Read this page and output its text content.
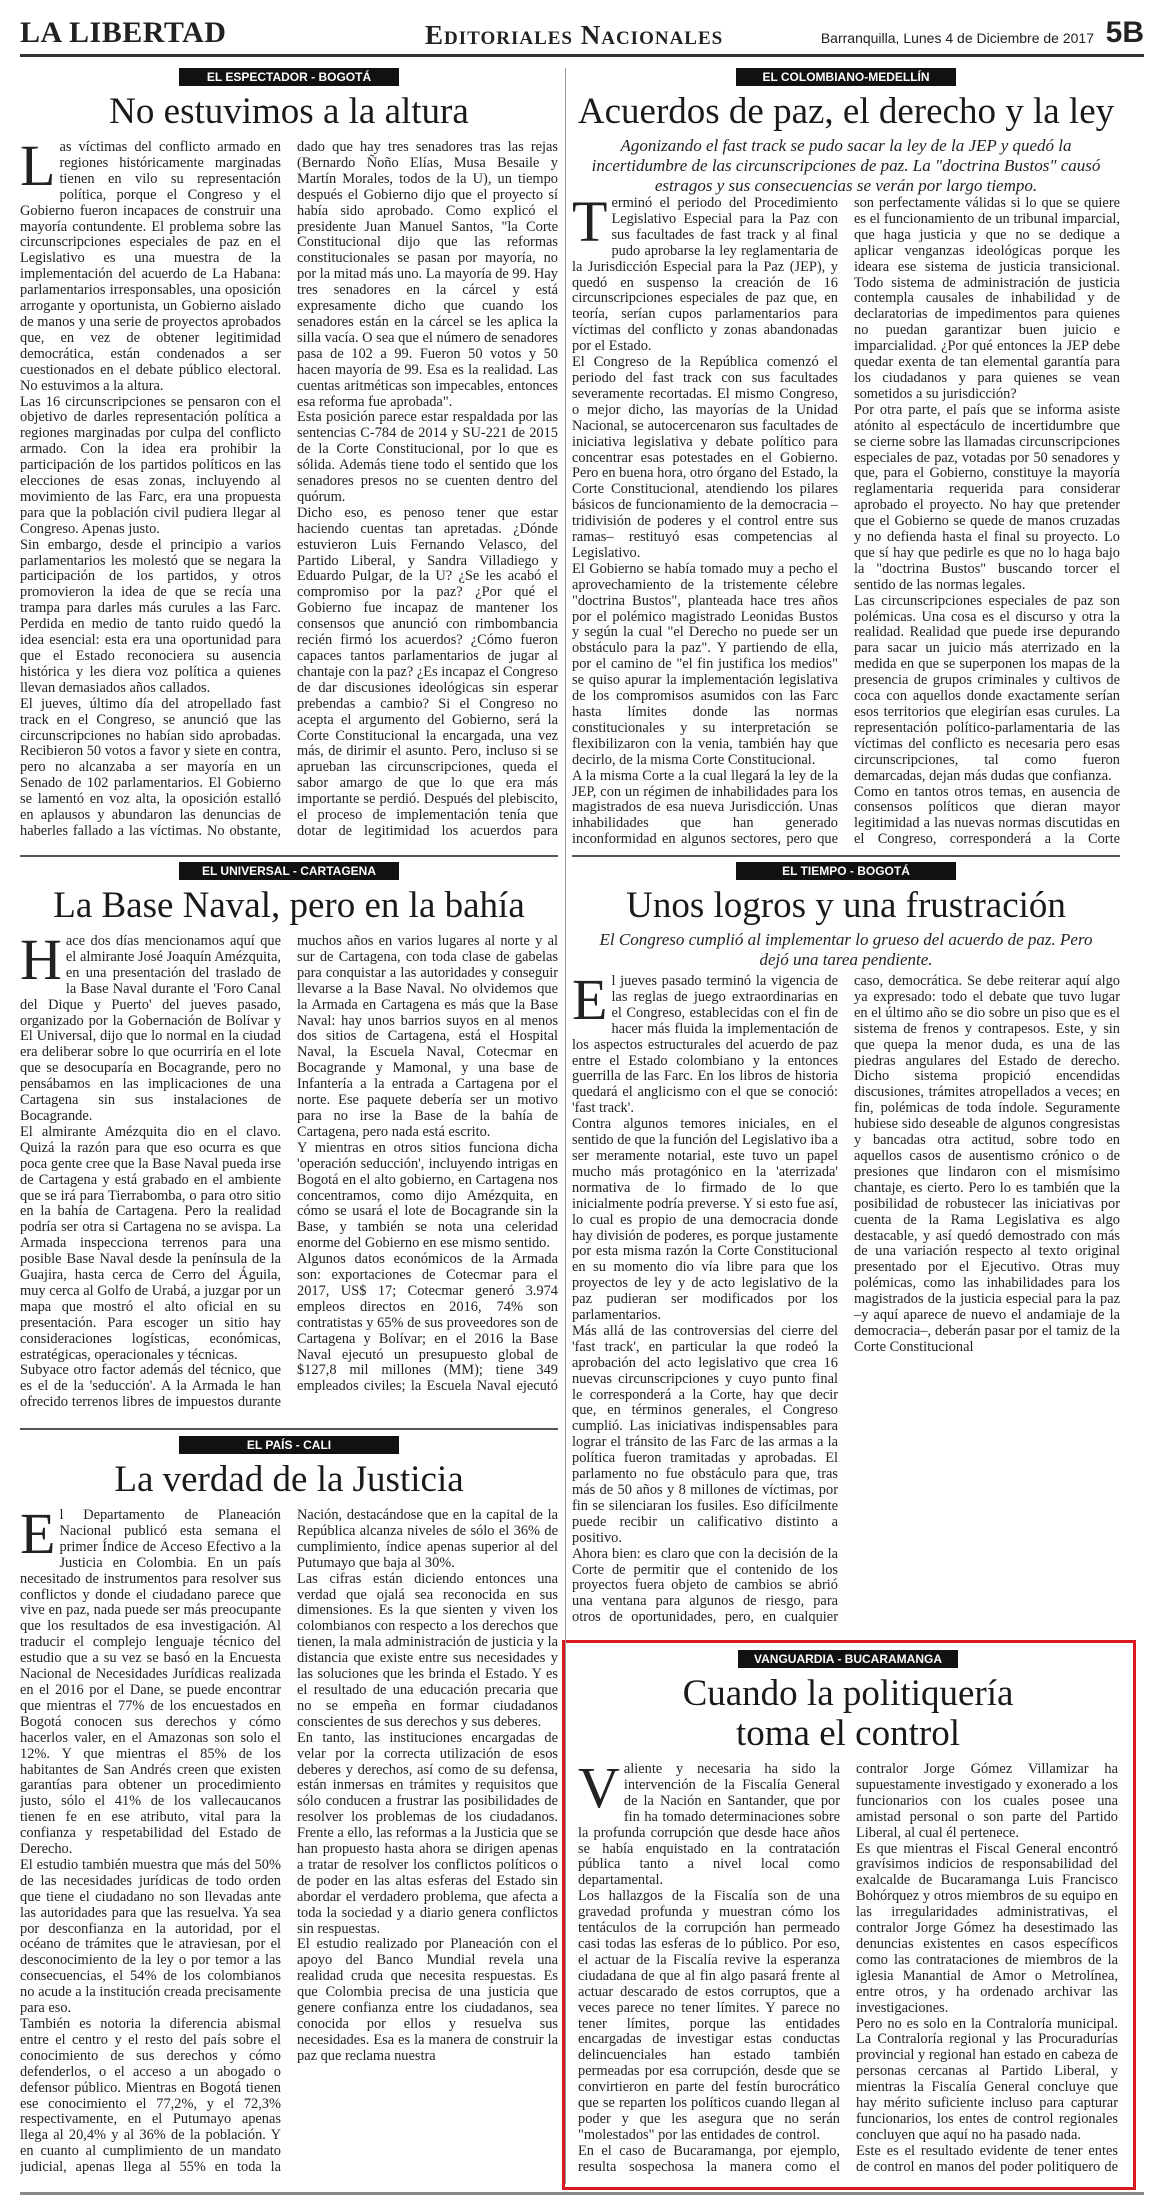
LA LIBERTAD	Editoriales Nacionales	Barranquilla, Lunes 4 de Diciembre de 2017 5B
EL ESPECTADOR - BOGOTÁ
No estuvimos a la altura

Las víctimas del conflicto armado en regiones históricamente marginadas tienen en vilo su representación política, porque el Congreso y el Gobierno fueron incapaces de construir una mayoría contundente. El problema sobre las circunscripciones especiales de paz en el Legislativo es una muestra de la implementación del acuerdo de La Habana: parlamentarios irresponsables, una oposición arrogante y oportunista, un Gobierno aislado de manos y una serie de proyectos aprobados que, en vez de obtener legitimidad democrática, están condenados a ser cuestionados en el debate público electoral. No estuvimos a la altura.

Las 16 circunscripciones se pensaron con el objetivo de darles representación política a regiones marginadas por culpa del conflicto armado. Con la idea era prohibir la participación de los partidos políticos en las elecciones de esas zonas, incluyendo al movimiento de las Farc, era una propuesta para que la población civil pudiera llegar al Congreso. Apenas justo.

Sin embargo, desde el principio a varios parlamentarios les molestó que se negara la participación de los partidos, y otros promovieron la idea de que se recía una trampa para darles más curules a las Farc. Perdida en medio de tanto ruido quedó la idea esencial: esta era una oportunidad para que el Estado reconociera su ausencia histórica y les diera voz política a quienes llevan demasiados años callados.

El jueves, último día del atropellado fast track en el Congreso, se anunció que las circunscripciones no habían sido aprobadas. Recibieron 50 votos a favor y siete en contra, pero no alcanzaba a ser mayoría en un Senado de 102 parlamentarios. El Gobierno se lamentó en voz alta, la oposición estalló en aplausos y abundaron las denuncias de haberles fallado a las víctimas. No obstante, dado que hay tres senadores tras las rejas (Bernardo Ñoño Elías, Musa Besaile y Martín Morales, todos de la U), un tiempo después el Gobierno dijo que el proyecto sí había sido aprobado. Como explicó el presidente Juan Manuel Santos, "la Corte Constitucional dijo que las reformas constitucionales se pasan por mayoría, no por la mitad más uno. La mayoría de 99. Hay tres senadores en la cárcel y está expresamente dicho que cuando los senadores están en la cárcel se les aplica la silla vacía. O sea que el número de senadores pasa de 102 a 99. Fueron 50 votos y 50 hacen mayoría de 99. Esa es la realidad. Las cuentas aritméticas son impecables, entonces esa reforma fue aprobada".

Esta posición parece estar respaldada por las sentencias C-784 de 2014 y SU-221 de 2015 de la Corte Constitucional, por lo que es sólida. Además tiene todo el sentido que los senadores presos no se cuenten dentro del quórum.

Dicho eso, es penoso tener que estar haciendo cuentas tan apretadas. ¿Dónde estuvieron Luis Fernando Velasco, del Partido Liberal, y Sandra Villadiego y Eduardo Pulgar, de la U? ¿Se les acabó el compromiso por la paz? ¿Por qué el Gobierno fue incapaz de mantener los consensos que anunció con rimbombancia recién firmó los acuerdos? ¿Cómo fueron capaces tantos parlamentarios de jugar al chantaje con la paz? ¿Es incapaz el Congreso de dar discusiones ideológicas sin esperar prebendas a cambio? Si el Congreso no acepta el argumento del Gobierno, será la Corte Constitucional la encargada, una vez más, de dirimir el asunto. Pero, incluso si se aprueban las circunscripciones, queda el sabor amargo de que lo que era más importante se perdió. Después del plebiscito, el proceso de implementación tenía que dotar de legitimidad los acuerdos para

EL COLOMBIANO-MEDELLÍN
Acuerdos de paz, el derecho y la ley
Agonizando el fast track se pudo sacar la ley de la JEP y quedó la incertidumbre de las circunscripciones de paz. La "doctrina Bustos" causó estragos y sus consecuencias se verán por largo tiempo.

Terminó el periodo del Procedimiento Legislativo Especial para la Paz con sus facultades de fast track y al final pudo aprobarse la ley reglamentaria de la Jurisdicción Especial para la Paz (JEP), y quedó en suspenso la creación de 16 circunscripciones especiales de paz que, en teoría, serían cupos parlamentarios para víctimas del conflicto y zonas abandonadas por el Estado.

El Congreso de la República comenzó el periodo del fast track con sus facultades severamente recortadas. El mismo Congreso, o mejor dicho, las mayorías de la Unidad Nacional, se autocercenaron sus facultades de iniciativa legislativa y debate político para concentrar esas potestades en el Gobierno. Pero en buena hora, otro órgano del Estado, la Corte Constitucional, atendiendo los pilares básicos de funcionamiento de la democracia –tridivisión de poderes y el control entre sus ramas– restituyó esas competencias al Legislativo.

El Gobierno se había tomado muy a pecho el aprovechamiento de la tristemente célebre "doctrina Bustos", planteada hace tres años por el polémico magistrado Leonidas Bustos y según la cual "el Derecho no puede ser un obstáculo para la paz". Y partiendo de ella, por el camino de "el fin justifica los medios" se quiso apurar la implementación legislativa de los compromisos asumidos con las Farc hasta límites donde las normas constitucionales y su interpretación se flexibilizaron con la venia, también hay que decirlo, de la misma Corte Constitucional.

A la misma Corte a la cual llegará la ley de la JEP, con un régimen de inhabilidades para los magistrados de esa nueva Jurisdicción. Unas inhabilidades que han generado inconformidad en algunos sectores, pero que son perfectamente válidas si lo que se quiere es el funcionamiento de un tribunal imparcial, que haga justicia y que no se dedique a aplicar venganzas ideológicas porque les ideara ese sistema de justicia transicional. Todo sistema de administración de justicia contempla causales de inhabilidad y de declaratorias de impedimentos para quienes no puedan garantizar buen juicio e imparcialidad. ¿Por qué entonces la JEP debe quedar exenta de tan elemental garantía para los ciudadanos y para quienes se vean sometidos a su jurisdicción?

Por otra parte, el país que se informa asiste atónito al espectáculo de incertidumbre que se cierne sobre las llamadas circunscripciones especiales de paz, votadas por 50 senadores y que, para el Gobierno, constituye la mayoría reglamentaria requerida para considerar aprobado el proyecto. No hay que pretender que el Gobierno se quede de manos cruzadas y no defienda hasta el final su proyecto. Lo que sí hay que pedirle es que no lo haga bajo la "doctrina Bustos" buscando torcer el sentido de las normas legales.

Las circunscripciones especiales de paz son polémicas. Una cosa es el discurso y otra la realidad. Realidad que puede irse depurando para sacar un juicio más aterrizado en la medida en que se superponen los mapas de la presencia de grupos criminales y cultivos de coca con aquellos donde exactamente serían esos territorios que elegirían esas curules. La representación político-parlamentaria de las víctimas del conflicto es necesaria pero esas circunscripciones, tal como fueron demarcadas, dejan más dudas que confianza.

Como en tantos otros temas, en ausencia de consensos políticos que dieran mayor legitimidad a las nuevas normas discutidas en el Congreso, corresponderá a la Corte

EL UNIVERSAL - CARTAGENA
La Base Naval, pero en la bahía

Hace dos días mencionamos aquí que el almirante José Joaquín Amézquita, en una presentación del traslado de la Base Naval durante el 'Foro Canal del Dique y Puerto' del jueves pasado, organizado por la Gobernación de Bolívar y El Universal, dijo que lo normal en la ciudad era deliberar sobre lo que ocurriría en el lote que se desocuparía en Bocagrande, pero no pensábamos en las implicaciones de una Cartagena sin sus instalaciones de Bocagrande.

El almirante Amézquita dio en el clavo. Quizá la razón para que eso ocurra es que poca gente cree que la Base Naval pueda irse de Cartagena y está grabado en el ambiente que se irá para Tierrabomba, o para otro sitio en la bahía de Cartagena. Pero la realidad podría ser otra si Cartagena no se avispa. La Armada inspecciona terrenos para una posible Base Naval desde la península de la Guajira, hasta cerca de Cerro del Águila, muy cerca al Golfo de Urabá, a juzgar por un mapa que mostró el alto oficial en su presentación. Para escoger un sitio hay consideraciones logísticas, económicas, estratégicas, operacionales y técnicas.

Subyace otro factor además del técnico, que es el de la 'seducción'. A la Armada le han ofrecido terrenos libres de impuestos durante muchos años en varios lugares al norte y al sur de Cartagena, con toda clase de gabelas para conquistar a las autoridades y conseguir llevarse a la Base Naval. No olvidemos que la Armada en Cartagena es más que la Base Naval: hay unos barrios suyos en al menos dos sitios de Cartagena, está el Hospital Naval, la Escuela Naval, Cotecmar en Bocagrande y Mamonal, y una base de Infantería a la entrada a Cartagena por el norte. Ese paquete debería ser un motivo para no irse la Base de la bahía de Cartagena, pero nada está escrito.

Y mientras en otros sitios funciona dicha 'operación seducción', incluyendo intrigas en Bogotá en el alto gobierno, en Cartagena nos concentramos, como dijo Amézquita, en cómo se usará el lote de Bocagrande sin la Base, y también se nota una celeridad enorme del Gobierno en ese mismo sentido.

Algunos datos económicos de la Armada son: exportaciones de Cotecmar para el 2017, US$ 17; Cotecmar generó 3.974 empleos directos en 2016, 74% son contratistas y 65% de sus proveedores son de Cartagena y Bolívar; en el 2016 la Base Naval ejecutó un presupuesto global de $127,8 mil millones (MM); tiene 349 empleados civiles; la Escuela Naval ejecutó

EL TIEMPO - BOGOTÁ
Unos logros y una frustración
El Congreso cumplió al implementar lo grueso del acuerdo de paz. Pero dejó una tarea pendiente.

El jueves pasado terminó la vigencia de las reglas de juego extraordinarias en el Congreso, establecidas con el fin de hacer más fluida la implementación de los aspectos estructurales del acuerdo de paz entre el Estado colombiano y la entonces guerrilla de las Farc. En los libros de historia quedará el anglicismo con el que se conoció: 'fast track'.

Contra algunos temores iniciales, en el sentido de que la función del Legislativo iba a ser meramente notarial, este tuvo un papel mucho más protagónico en la 'aterrizada' normativa de lo firmado de lo que inicialmente podría preverse. Y si esto fue así, lo cual es propio de una democracia donde hay división de poderes, es porque justamente por esta misma razón la Corte Constitucional en su momento dio vía libre para que los proyectos de ley y de acto legislativo de la paz pudieran ser modificados por los parlamentarios.

Más allá de las controversias del cierre del 'fast track', en particular la que rodeó la aprobación del acto legislativo que crea 16 nuevas circunscripciones y cuyo punto final le corresponderá a la Corte, hay que decir que, en términos generales, el Congreso cumplió. Las iniciativas indispensables para lograr el tránsito de las Farc de las armas a la política fueron tramitadas y aprobadas. El parlamento no fue obstáculo para que, tras más de 50 años y 8 millones de víctimas, por fin se silenciaran los fusiles. Eso difícilmente puede recibir un calificativo distinto a positivo.

Ahora bien: es claro que con la decisión de la Corte de permitir que el contenido de los proyectos fuera objeto de cambios se abrió una ventana para algunos de riesgo, para otros de oportunidades, pero, en cualquier caso, democrática. Se debe reiterar aquí algo ya expresado: todo el debate que tuvo lugar en el último año se dio sobre un piso que es el sistema de frenos y contrapesos. Este, y sin que quepa la menor duda, es una de las piedras angulares del Estado de derecho. Dicho sistema propició encendidas discusiones, trámites atropellados a veces; en fin, polémicas de toda índole. Seguramente hubiese sido deseable de algunos congresistas y bancadas otra actitud, sobre todo en aquellos casos de ausentismo crónico o de presiones que lindaron con el mismísimo chantaje, es cierto. Pero lo es también que la posibilidad de robustecer las iniciativas por cuenta de la Rama Legislativa es algo destacable, y así quedó demostrado con más de una variación respecto al texto original presentado por el Ejecutivo. Otras muy polémicas, como las inhabilidades para los magistrados de la justicia especial para la paz –y aquí aparece de nuevo el andamiaje de la democracia–, deberán pasar por el tamiz de la Corte Constitucional

EL PAÍS - CALI
La verdad de la Justicia

El Departamento de Planeación Nacional publicó esta semana el primer Índice de Acceso Efectivo a la Justicia en Colombia. En un país necesitado de instrumentos para resolver sus conflictos y donde el ciudadano parece que vive en paz, nada puede ser más preocupante que los resultados de esa investigación. Al traducir el complejo lenguaje técnico del estudio que a su vez se basó en la Encuesta Nacional de Necesidades Jurídicas realizada en el 2016 por el Dane, se puede encontrar que mientras el 77% de los encuestados en Bogotá conocen sus derechos y cómo hacerlos valer, en el Amazonas son solo el 12%. Y que mientras el 85% de los habitantes de San Andrés creen que existen garantías para obtener un procedimiento justo, sólo el 41% de los vallecaucanos tienen fe en ese atributo, vital para la confianza y respetabilidad del Estado de Derecho.

El estudio también muestra que más del 50% de las necesidades jurídicas de todo orden que tiene el ciudadano no son llevadas ante las autoridades para que las resuelva. Ya sea por desconfianza en la autoridad, por el océano de trámites que le atraviesan, por el desconocimiento de la ley o por temor a las consecuencias, el 54% de los colombianos no acude a la institución creada precisamente para eso.

También es notoria la diferencia abismal entre el centro y el resto del país sobre el conocimiento de sus derechos y cómo defenderlos, o el acceso a un abogado o defensor público. Mientras en Bogotá tienen ese conocimiento el 77,2%, y el 72,3% respectivamente, en el Putumayo apenas llega al 20,4% y al 36% de la población. Y en cuanto al cumplimiento de un mandato judicial, apenas llega al 55% en toda la Nación, destacándose que en la capital de la República alcanza niveles de sólo el 36% de cumplimiento, índice apenas superior al del Putumayo que baja al 30%.

Las cifras están diciendo entonces una verdad que ojalá sea reconocida en sus dimensiones. Es la que sienten y viven los colombianos con respecto a los derechos que tienen, la mala administración de justicia y la distancia que existe entre sus necesidades y las soluciones que les brinda el Estado. Y es el resultado de una educación precaria que no se empeña en formar ciudadanos conscientes de sus derechos y sus deberes.

En tanto, las instituciones encargadas de velar por la correcta utilización de esos deberes y derechos, así como de su defensa, están inmersas en trámites y requisitos que sólo conducen a frustrar las posibilidades de resolver los problemas de los ciudadanos. Frente a ello, las reformas a la Justicia que se han propuesto hasta ahora se dirigen apenas a tratar de resolver los conflictos políticos o de poder en las altas esferas del Estado sin abordar el verdadero problema, que afecta a toda la sociedad y a diario genera conflictos sin respuestas.

El estudio realizado por Planeación con el apoyo del Banco Mundial revela una realidad cruda que necesita respuestas. Es que Colombia precisa de una justicia que genere confianza entre los ciudadanos, sea conocida por ellos y resuelva sus necesidades. Esa es la manera de construir la paz que reclama nuestra

VANGUARDIA - BUCARAMANGA
Cuando la politiquería toma el control

Valiente y necesaria ha sido la intervención de la Fiscalía General de la Nación en Santander, que por fin ha tomado determinaciones sobre la profunda corrupción que desde hace años se había enquistado en la contratación pública tanto a nivel local como departamental.

Los hallazgos de la Fiscalía son de una gravedad profunda y muestran cómo los tentáculos de la corrupción han permeado casi todas las esferas de lo público. Por eso, el actuar de la Fiscalía revive la esperanza ciudadana de que al fin algo pasará frente al actuar descarado de estos corruptos, que a veces parece no tener límites. Y parece no tener límites, porque las entidades encargadas de investigar estas conductas delincuenciales han estado también permeadas por esa corrupción, desde que se convirtieron en parte del festín burocrático que se reparten los políticos cuando llegan al poder y que les asegura que no serán "molestados" por las entidades de control.

En el caso de Bucaramanga, por ejemplo, resulta sospechosa la manera como el contralor Jorge Gómez Villamizar ha supuestamente investigado y exonerado a los funcionarios con los cuales posee una amistad personal o son parte del Partido Liberal, al cual él pertenece.

Es que mientras el Fiscal General encontró gravísimos indicios de responsabilidad del exalcalde de Bucaramanga Luis Francisco Bohórquez y otros miembros de su equipo en las irregularidades administrativas, el contralor Jorge Gómez ha desestimado las denuncias existentes en casos específicos como las contrataciones de miembros de la iglesia Manantial de Amor o Metrolínea, entre otros, y ha ordenado archivar las investigaciones.

Pero no es solo en la Contraloría municipal. La Contraloría regional y las Procuradurías provincial y regional han estado en cabeza de personas cercanas al Partido Liberal, y mientras la Fiscalía General concluye que hay mérito suficiente incluso para capturar funcionarios, los entes de control regionales concluyen que aquí no ha pasado nada.

Este es el resultado evidente de tener entes de control en manos del poder politiquero de
